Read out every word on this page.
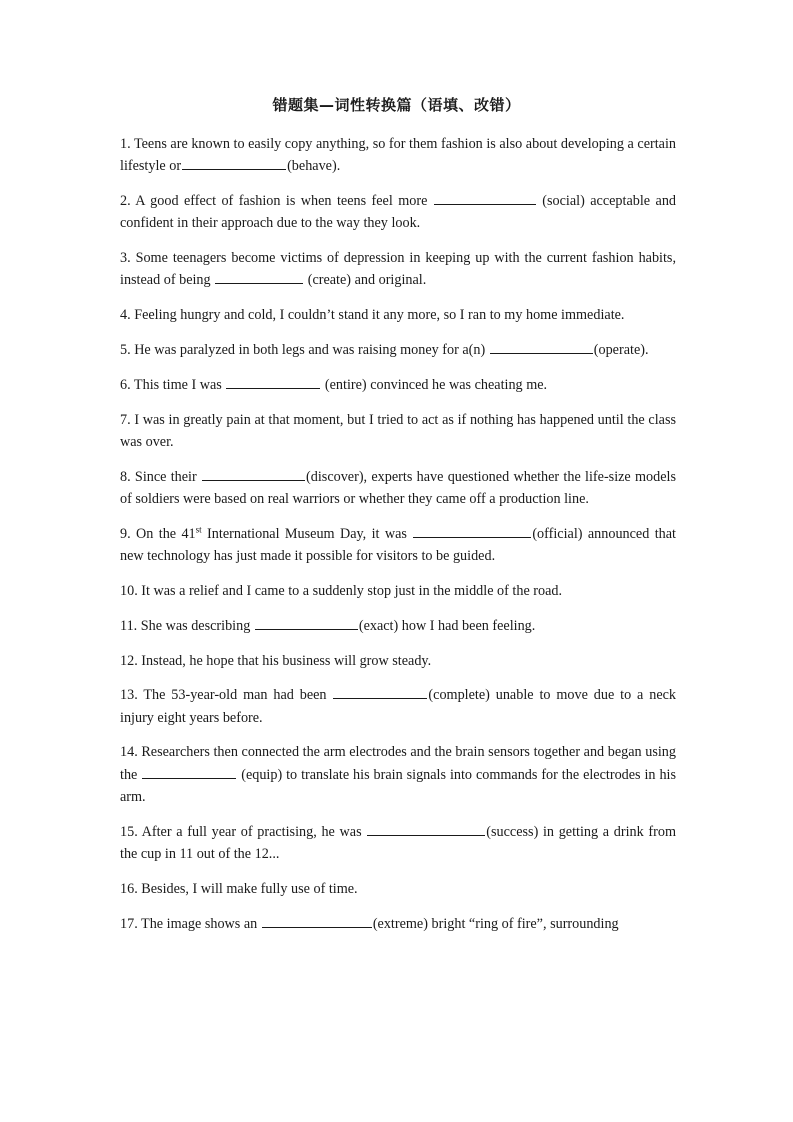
错题集—词性转换篇（语填、改错）

1. Teens are known to easily copy anything, so for them fashion is also about developing a certain lifestyle or	(behave).

2. A good effect of fashion is when teens feel more	(social) acceptable and confident in their approach due to the way they look.

3. Some teenagers become victims of depression in keeping up with the current fashion habits, instead of being	(create) and original.

4. Feeling hungry and cold, I couldn’t stand it any more, so I ran to my home immediate.

5. He was paralyzed in both legs and was raising money for a(n)	(operate).

6. This time I was	(entire) convinced he was cheating me.

7. I was in greatly pain at that moment, but I tried to act as if nothing has happened until the class was over.

8. Since their	(discover), experts have questioned whether the life-size models of soldiers were based on real warriors or whether they came off a production line.

9. On the 41st International Museum Day, it was	(official) announced that new technology has just made it possible for visitors to be guided.

10. It was a relief and I came to a suddenly stop just in the middle of the road.

11. She was describing	(exact) how I had been feeling.

12. Instead, he hope that his business will grow steady.

13. The 53-year-old man had been	(complete) unable to move due to a neck injury eight years before.

14. Researchers then connected the arm electrodes and the brain sensors together and began using the	(equip) to translate his brain signals into commands for the electrodes in his arm.

15. After a full year of practising, he was	(success) in getting a drink from the cup in 11 out of the 12...

16. Besides, I will make fully use of time.

17. The image shows an	(extreme) bright “ring of fire”, surrounding
